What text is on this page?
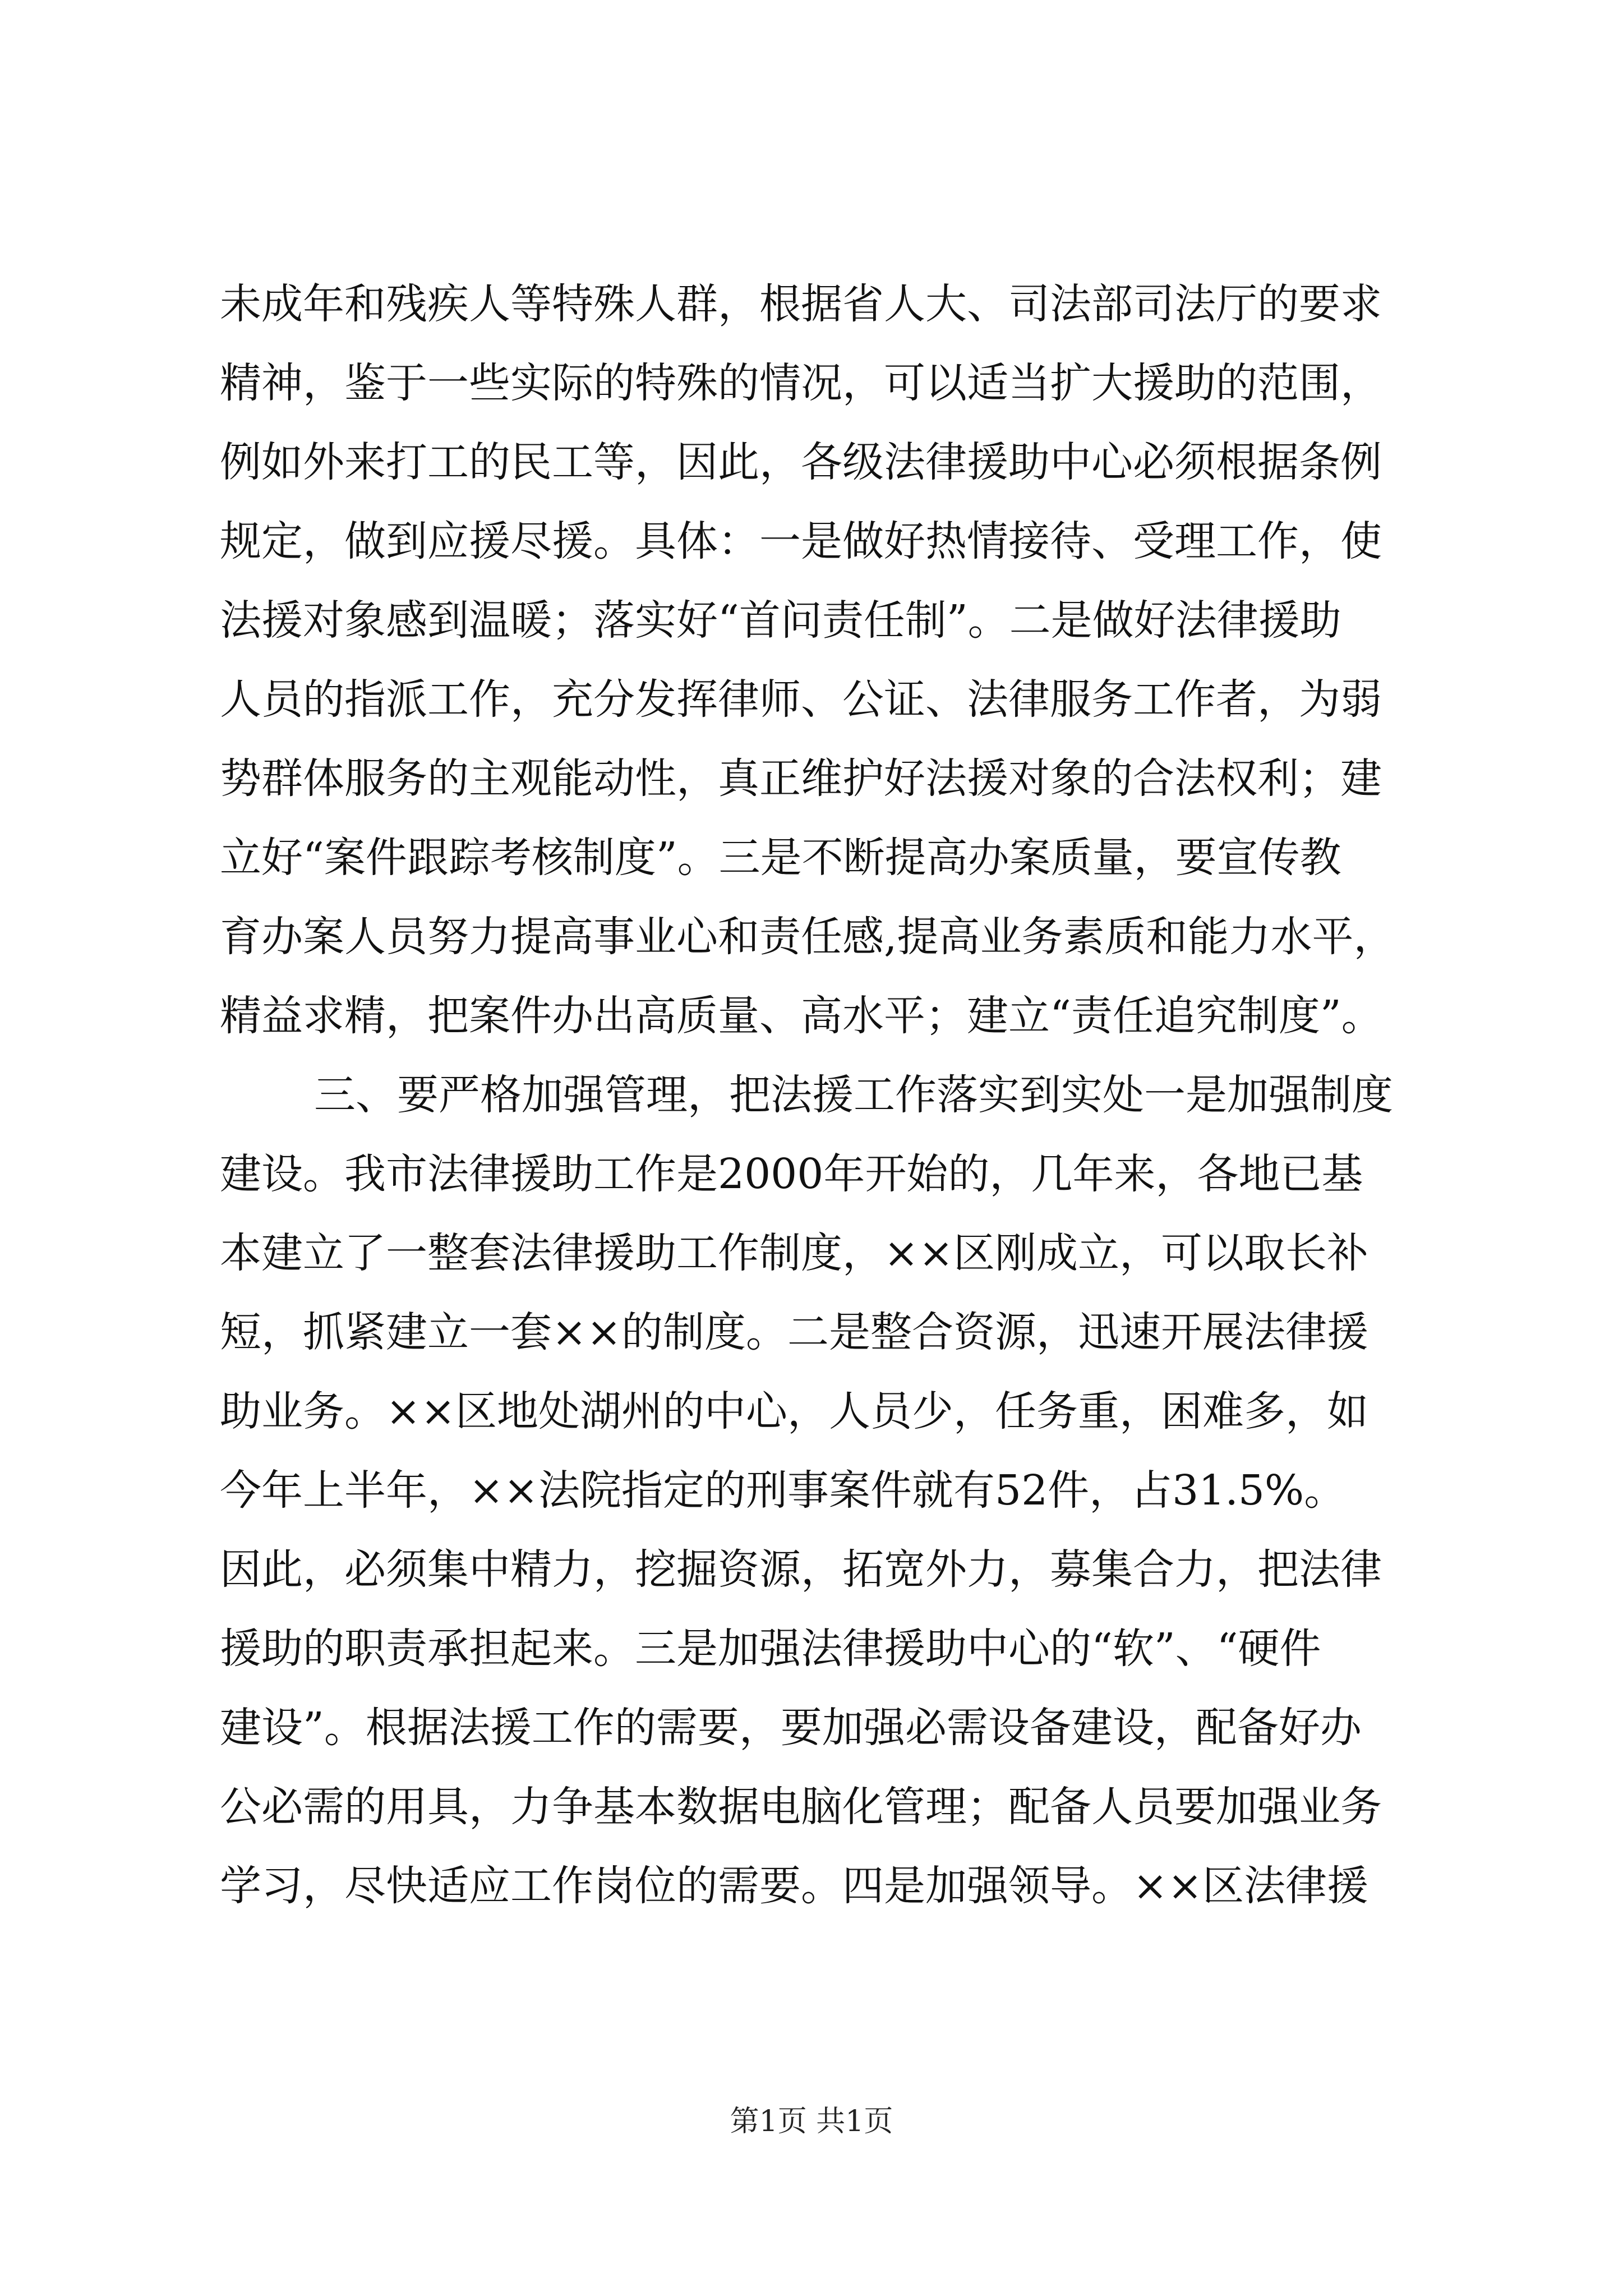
未成年和残疾人等特殊人群，根据省人大、司法部司法厅的要求
精神，鉴于一些实际的特殊的情况，可以适当扩大援助的范围，
例如外来打工的民工等，因此，各级法律援助中心必须根据条例
规定，做到应援尽援。具体：一是做好热情接待、受理工作，使
法援对象感到温暖；落实好“首问责任制”。二是做好法律援助
人员的指派工作，充分发挥律师、公证、法律服务工作者，为弱
势群体服务的主观能动性，真正维护好法援对象的合法权利；建
立好“案件跟踪考核制度”。三是不断提高办案质量，要宣传教
育办案人员努力提高事业心和责任感,提高业务素质和能力水平，
精益求精，把案件办出高质量、高水平；建立“责任追究制度”。
三、要严格加强管理，把法援工作落实到实处一是加强制度
建设。我市法律援助工作是2000年开始的，几年来，各地已基
本建立了一整套法律援助工作制度，××区刚成立，可以取长补
短，抓紧建立一套××的制度。二是整合资源，迅速开展法律援
助业务。××区地处湖州的中心，人员少，任务重，困难多，如
今年上半年，××法院指定的刑事案件就有52件，占31.5%。
因此，必须集中精力，挖掘资源，拓宽外力，募集合力，把法律
援助的职责承担起来。三是加强法律援助中心的“软”、“硬件
建设”。根据法援工作的需要，要加强必需设备建设，配备好办
公必需的用具，力争基本数据电脑化管理；配备人员要加强业务
学习，尽快适应工作岗位的需要。四是加强领导。××区法律援
第1页 共1页
